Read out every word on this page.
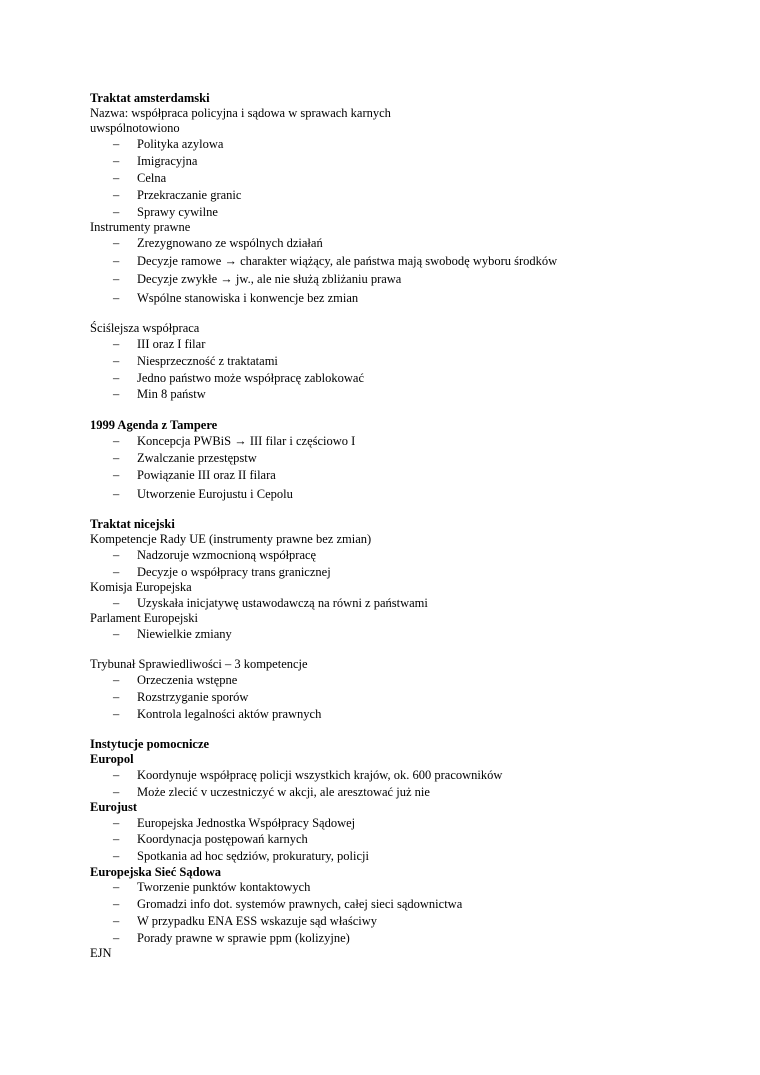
Traktat amsterdamski
Nazwa: współpraca policyjna i sądowa w sprawach karnych
uwspólnotowiono
– Polityka azylowa
– Imigracyjna
– Celna
– Przekraczanie granic
– Sprawy cywilne
Instrumenty prawne
– Zrezygnowano ze wspólnych działań
– Decyzje ramowe → charakter wiążący, ale państwa mają swobodę wyboru środków
– Decyzje zwykłe → jw., ale nie służą zbliżaniu prawa
– Wspólne stanowiska i konwencje bez zmian
Ściślejsza współpraca
– III oraz I filar
– Niesprzeczność z traktatami
– Jedno państwo może współpracę zablokować
– Min 8 państw
1999 Agenda z Tampere
– Koncepcja PWBiS → III filar i częściowo I
– Zwalczanie przestępstw
– Powiązanie III oraz II filara
– Utworzenie Eurojustu i Cepolu
Traktat nicejski
Kompetencje Rady UE (instrumenty prawne bez zmian)
– Nadzoruje wzmocnioną współpracę
– Decyzje o współpracy trans granicznej
Komisja Europejska
– Uzyskała inicjatywę ustawodawczą na równi z państwami
Parlament Europejski
– Niewielkie zmiany
Trybunał Sprawiedliwości – 3 kompetencje
– Orzeczenia wstępne
– Rozstrzyganie sporów
– Kontrola legalności aktów prawnych
Instytucje pomocnicze
Europol
– Koordynuje współpracę policji wszystkich krajów, ok. 600 pracowników
– Może zlecić v uczestniczyć w akcji, ale aresztować już nie
Eurojust
– Europejska Jednostka Współpracy Sądowej
– Koordynacja postępowań karnych
– Spotkania ad hoc sędziów, prokuratury, policji
Europejska Sieć Sądowa
– Tworzenie punktów kontaktowych
– Gromadzi info dot. systemów prawnych, całej sieci sądownictwa
– W przypadku ENA ESS wskazuje sąd właściwy
– Porady prawne w sprawie ppm (kolizyjne)
EJN
